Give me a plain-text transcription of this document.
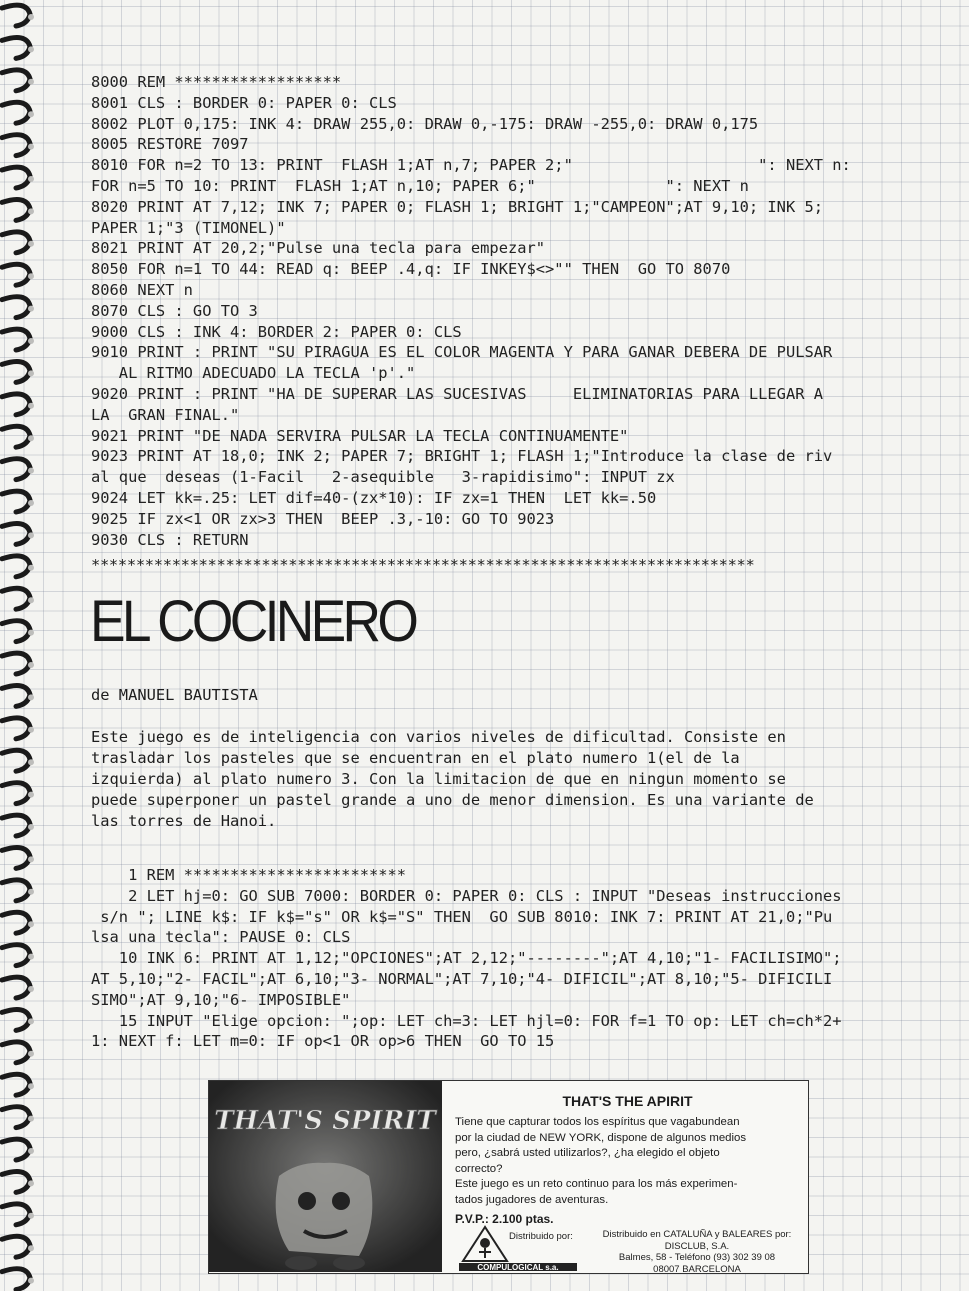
8000 REM ******************
8001 CLS : BORDER 0: PAPER 0: CLS
8002 PLOT 0,175: INK 4: DRAW 255,0: DRAW 0,-175: DRAW -255,0: DRAW 0,175
8005 RESTORE 7097
8010 FOR n=2 TO 13: PRINT  FLASH 1;AT n,7; PAPER 2;"                    ": NEXT n:
FOR n=5 TO 10: PRINT  FLASH 1;AT n,10; PAPER 6;"              ": NEXT n
8020 PRINT AT 7,12; INK 7; PAPER 0; FLASH 1; BRIGHT 1;"CAMPEON";AT 9,10; INK 5;
PAPER 1;"3 (TIMONEL)"
8021 PRINT AT 20,2;"Pulse una tecla para empezar"
8050 FOR n=1 TO 44: READ q: BEEP .4,q: IF INKEY$<>"" THEN  GO TO 8070
8060 NEXT n
8070 CLS : GO TO 3
9000 CLS : INK 4: BORDER 2: PAPER 0: CLS
9010 PRINT : PRINT "SU PIRAGUA ES EL COLOR MAGENTA Y PARA GANAR DEBERA DE PULSAR
AL RITMO ADECUADO LA TECLA 'p'."
9020 PRINT : PRINT "HA DE SUPERAR LAS SUCESIVAS     ELIMINATORIAS PARA LLEGAR A
LA  GRAN FINAL."
9021 PRINT "DE NADA SERVIRA PULSAR LA TECLA CONTINUAMENTE"
9023 PRINT AT 18,0; INK 2; PAPER 7; BRIGHT 1; FLASH 1;"Introduce la clase de riv
al que  deseas (1-Facil   2-asequible   3-rapidisimo": INPUT zx
9024 LET kk=.25: LET dif=40-(zx*10): IF zx=1 THEN  LET kk=.50
9025 IF zx<1 OR zx>3 THEN  BEEP .3,-10: GO TO 9023
9030 CLS : RETURN
**************************************************************************
EL COCINERO
de MANUEL BAUTISTA
Este juego es de inteligencia con varios niveles de dificultad. Consiste en
trasladar los pasteles que se encuentran en el plato numero 1(el de la
izquierda) al plato numero 3. Con la limitacion de que en ningun momento se
puede superponer un pastel grande a uno de menor dimension. Es una variante de
las torres de Hanoi.
1 REM ************************
2 LET hj=0: GO SUB 7000: BORDER 0: PAPER 0: CLS : INPUT "Deseas instrucciones
s/n "; LINE k$: IF k$="s" OR k$="S" THEN  GO SUB 8010: INK 7: PRINT AT 21,0;"Pu
lsa una tecla": PAUSE 0: CLS
10 INK 6: PRINT AT 1,12;"OPCIONES";AT 2,12;"--------";AT 4,10;"1- FACILISIMO";
AT 5,10;"2- FACIL";AT 6,10;"3- NORMAL";AT 7,10;"4- DIFICIL";AT 8,10;"5- DIFICILI
SIMO";AT 9,10;"6- IMPOSIBLE"
15 INPUT "Elige opcion: ";op: LET ch=3: LET hjl=0: FOR f=1 TO op: LET ch=ch*2+
1: NEXT f: LET m=0: IF op<1 OR op>6 THEN  GO TO 15
THAT'S SPIRIT
THAT'S THE APIRIT
Tiene que capturar todos los espíritus que vagabundean
por la ciudad de NEW YORK, dispone de algunos medios
pero, ¿sabrá usted utilizarlos?, ¿ha elegido el objeto
correcto?
Este juego es un reto continuo para los más experimen-
tados jugadores de aventuras.
P.V.P.: 2.100 ptas.
COMPULOGICAL s.a.
Distribuido por:	Distribuido en CATALUÑA y BALEARES por:
DISCLUB, S.A.
Balmes, 58 - Teléfono (93) 302 39 08
08007 BARCELONA
